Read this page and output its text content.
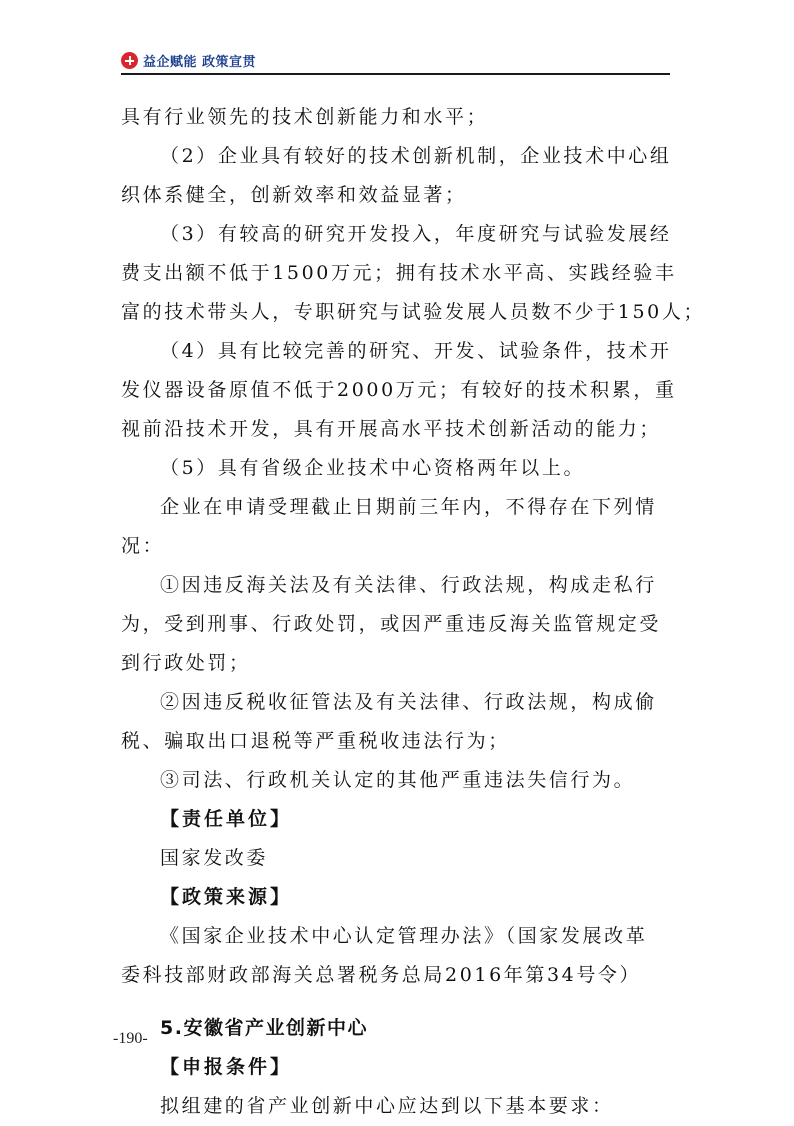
益企赋能 政策宣贯
具有行业领先的技术创新能力和水平；
（2）企业具有较好的技术创新机制，企业技术中心组
织体系健全，创新效率和效益显著；
（3）有较高的研究开发投入，年度研究与试验发展经
费支出额不低于1500万元；拥有技术水平高、实践经验丰
富的技术带头人，专职研究与试验发展人员数不少于150人；
（4）具有比较完善的研究、开发、试验条件，技术开
发仪器设备原值不低于2000万元；有较好的技术积累，重
视前沿技术开发，具有开展高水平技术创新活动的能力；
（5）具有省级企业技术中心资格两年以上。
企业在申请受理截止日期前三年内，不得存在下列情
况：
①因违反海关法及有关法律、行政法规，构成走私行
为，受到刑事、行政处罚，或因严重违反海关监管规定受
到行政处罚；
②因违反税收征管法及有关法律、行政法规，构成偷
税、骗取出口退税等严重税收违法行为；
③司法、行政机关认定的其他严重违法失信行为。
【责任单位】
国家发改委
【政策来源】
《国家企业技术中心认定管理办法》（国家发展改革
委科技部财政部海关总署税务总局2016年第34号令）
5.安徽省产业创新中心
【申报条件】
拟组建的省产业创新中心应达到以下基本要求：
-190-
